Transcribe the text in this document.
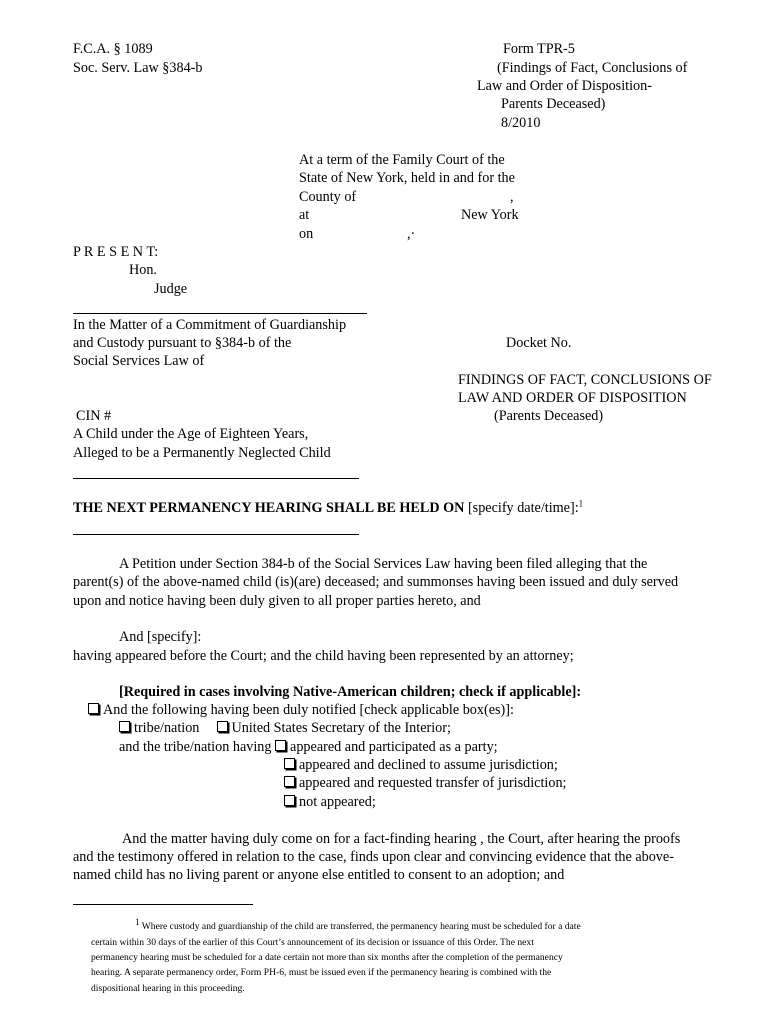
F.C.A. § 1089
Soc. Serv. Law §384-b
Form TPR-5
(Findings of Fact, Conclusions of
Law and Order of Disposition-
Parents Deceased)
8/2010
At a term of the Family Court of the
State of New York, held in and for the
County of	,
at	New York
on	,·
P R E S E N T:
Hon.
Judge
In the Matter of a Commitment of Guardianship
and Custody pursuant to §384-b of the
Social Services Law of
CIN #
A Child under the Age of Eighteen Years,
Alleged to be a Permanently Neglected Child
Docket No.
FINDINGS OF FACT, CONCLUSIONS OF
LAW AND ORDER OF DISPOSITION
(Parents Deceased)
THE NEXT PERMANENCY HEARING SHALL BE HELD ON [specify date/time]:$^1$
A Petition under Section 384-b of the Social Services Law having been filed alleging that the
parent(s) of the above-named child (is)(are) deceased; and summonses having been issued and duly served
upon and notice having been duly given to all proper parties hereto, and
And [specify]:
having appeared before the Court; and the child having been represented by an attorney;
[Required in cases involving Native-American children; check if applicable]:
And the following having been duly notified [check applicable box(es)]:
tribe/nation United States Secretary of the Interior;
and the tribe/nation having appeared and participated as a party;
appeared and declined to assume jurisdiction;
appeared and requested transfer of jurisdiction;
not appeared;
And the matter having duly come on for a fact-finding hearing , the Court, after hearing the proofs
and the testimony offered in relation to the case, finds upon clear and convincing evidence that the above-
named child has no living parent or anyone else entitled to consent to an adoption; and
$^1$ Where custody and guardianship of the child are transferred, the permanency hearing must be scheduled for a date
certain within 30 days of the earlier of this Court’s announcement of its decision or issuance of this Order. The next
permanency hearing must be scheduled for a date certain not more than six months after the completion of the permanency
hearing. A separate permanency order, Form PH-6, must be issued even if the permanency hearing is combined with the
dispositional hearing in this proceeding.
